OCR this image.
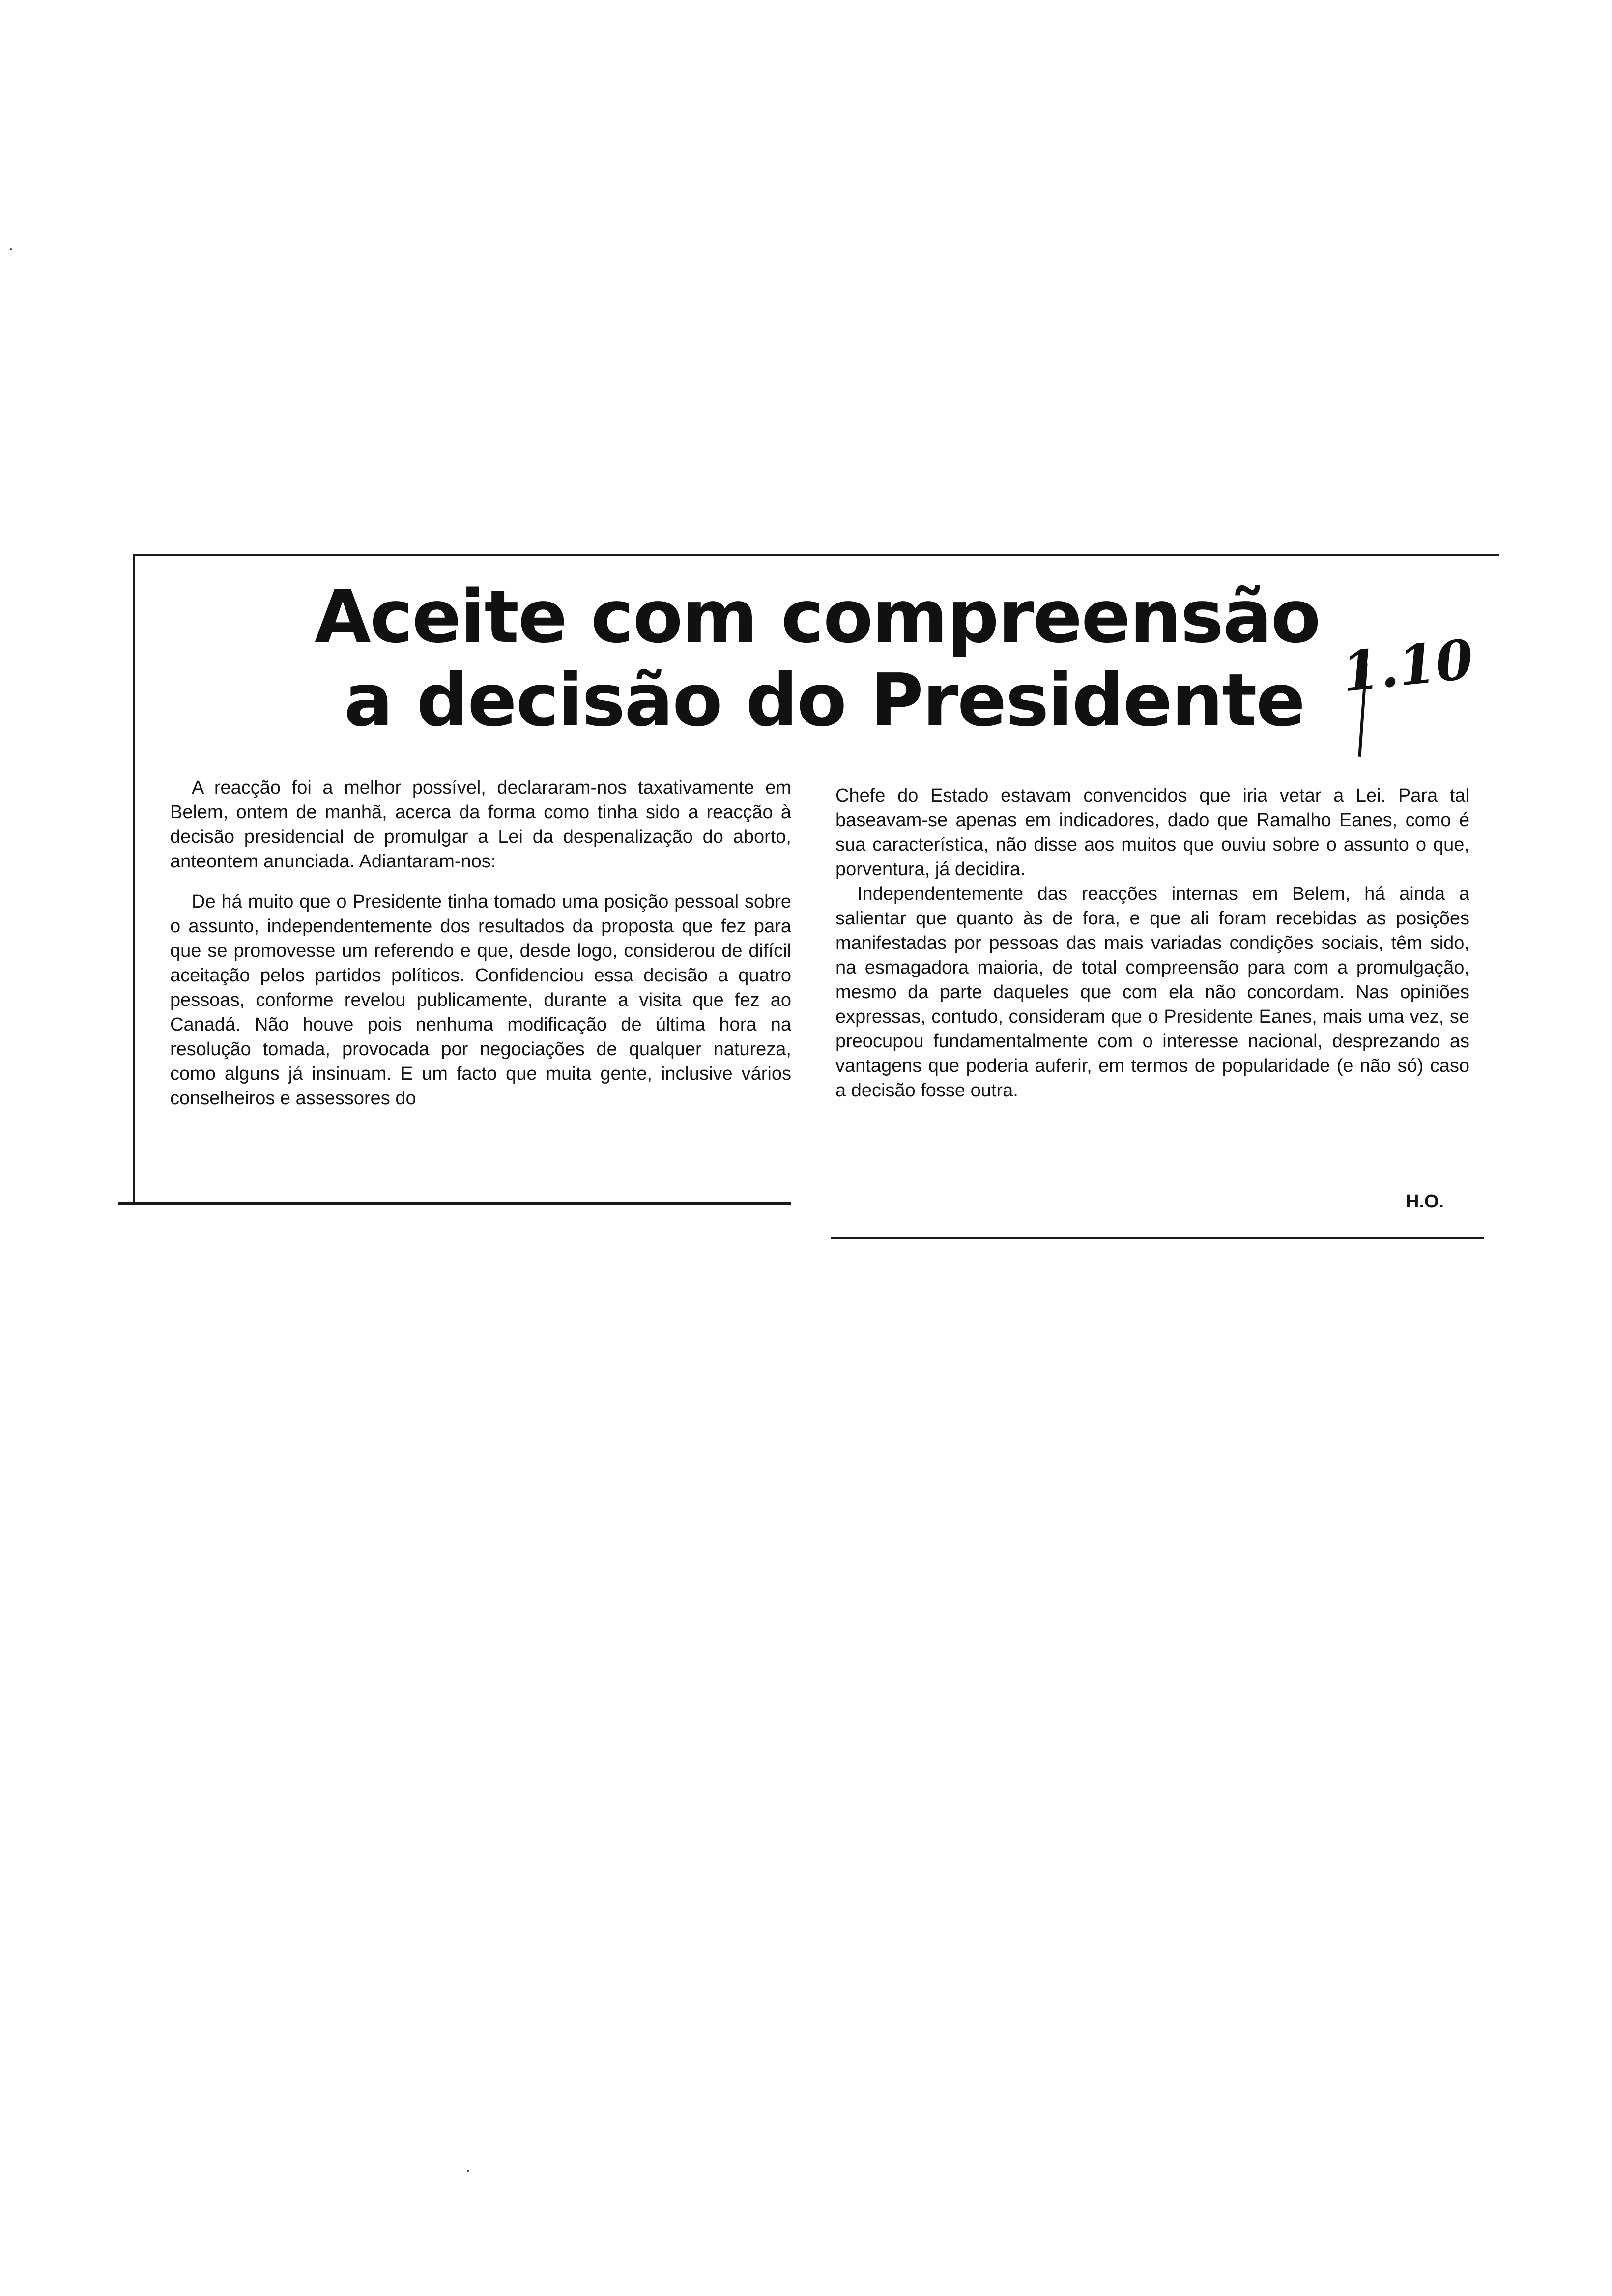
Aceite com compreensão
a decisão do Presidente 1.10

A reacção foi a melhor possível, declararam-nos taxativamente em Belem, ontem de manhã, acerca da forma como tinha sido a reacção à decisão presidencial de promulgar a Lei da despenalização do aborto, anteontem anunciada. Adiantaram-nos:

De há muito que o Presidente tinha tomado uma posição pessoal sobre o assunto, independentemente dos resultados da proposta que fez para que se promovesse um referendo e que, desde logo, considerou de difícil aceitação pelos partidos políticos. Confidenciou essa decisão a quatro pessoas, conforme revelou publicamente, durante a visita que fez ao Canadá. Não houve pois nenhuma modificação de última hora na resolução tomada, provocada por negociações de qualquer natureza, como alguns já insinuam. E um facto que muita gente, inclusive vários conselheiros e assessores do

Chefe do Estado estavam convencidos que iria vetar a Lei. Para tal baseavam-se apenas em indicadores, dado que Ramalho Eanes, como é sua característica, não disse aos muitos que ouviu sobre o assunto o que, porventura, já decidira.

Independentemente das reacções internas em Belem, há ainda a salientar que quanto às de fora, e que ali foram recebidas as posições manifestadas por pessoas das mais variadas condições sociais, têm sido, na esmagadora maioria, de total compreensão para com a promulgação, mesmo da parte daqueles que com ela não concordam. Nas opiniões expressas, contudo, consideram que o Presidente Eanes, mais uma vez, se preocupou fundamentalmente com o interesse nacional, desprezando as vantagens que poderia auferir, em termos de popularidade (e não só) caso a decisão fosse outra.

H.O.
